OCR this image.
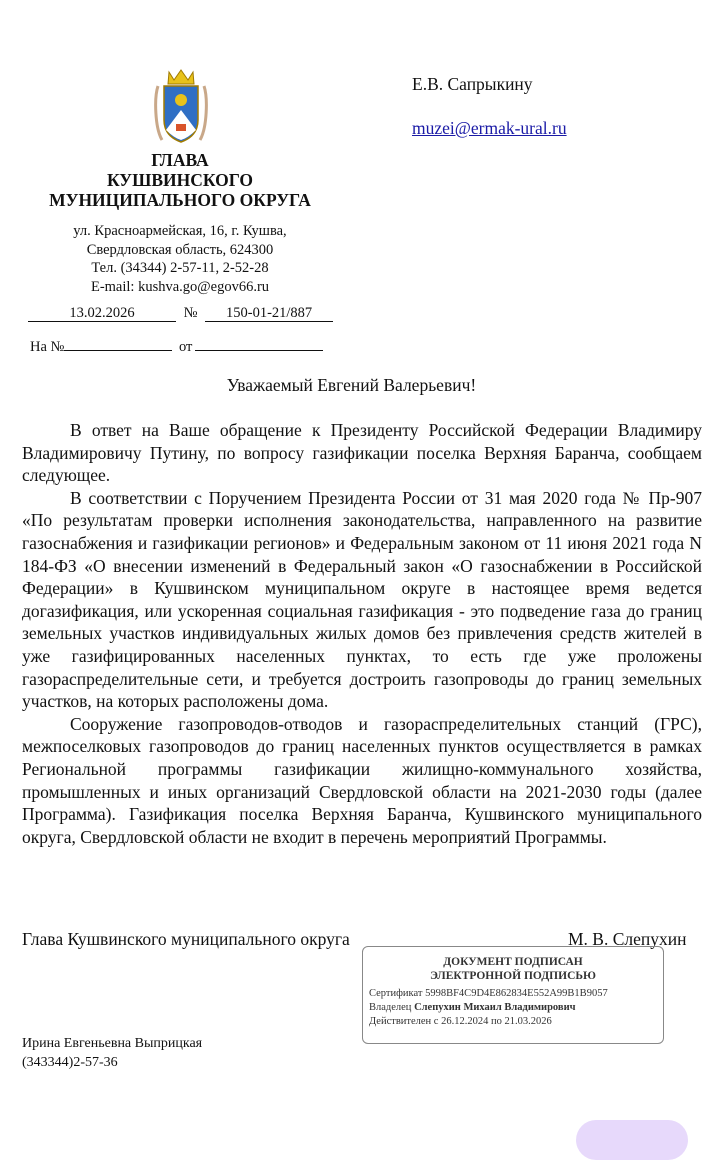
ГЛАВА
КУШВИНСКОГО
МУНИЦИПАЛЬНОГО ОКРУГА
ул. Красноармейская, 16, г. Кушва,
Свердловская область, 624300
Тел. (34344) 2-57-11, 2-52-28
E-mail: kushva.go@egov66.ru
13.02.2026	№ 150-01-21/887
На №	от
Е.В. Сапрыкину
muzei@ermak-ural.ru
Уважаемый Евгений Валерьевич!

В ответ на Ваше обращение к Президенту Российской Федерации Владимиру Владимировичу Путину, по вопросу газификации поселка Верхняя Баранча, сообщаем следующее.

В соответствии с Поручением Президента России от 31 мая 2020 года № Пр-907 «По результатам проверки исполнения законодательства, направленного на развитие газоснабжения и газификации регионов» и Федеральным законом от 11 июня 2021 года N 184-ФЗ «О внесении изменений в Федеральный закон «О газоснабжении в Российской Федерации» в Кушвинском муниципальном округе в настоящее время ведется догазификация, или ускоренная социальная газификация - это подведение газа до границ земельных участков индивидуальных жилых домов без привлечения средств жителей в уже газифицированных населенных пунктах, то есть где уже проложены газораспределительные сети, и требуется достроить газопроводы до границ земельных участков, на которых расположены дома.

Сооружение газопроводов-отводов и газораспределительных станций (ГРС), межпоселковых газопроводов до границ населенных пунктов осуществляется в рамках Региональной программы газификации жилищно-коммунального хозяйства, промышленных и иных организаций Свердловской области на 2021-2030 годы (далее Программа). Газификация поселка Верхняя Баранча, Кушвинского муниципального округа, Свердловской области не входит в перечень мероприятий Программы.

Глава Кушвинского муниципального округа	М. В. Слепухин
ДОКУМЕНТ ПОДПИСАН
ЭЛЕКТРОННОЙ ПОДПИСЬЮ
Сертификат 5998BF4C9D4E862834E552A99B1B9057
Владелец Слепухин Михаил Владимирович
Действителен с 26.12.2024 по 21.03.2026
Ирина Евгеньевна Выприцкая
(343344)2-57-36
